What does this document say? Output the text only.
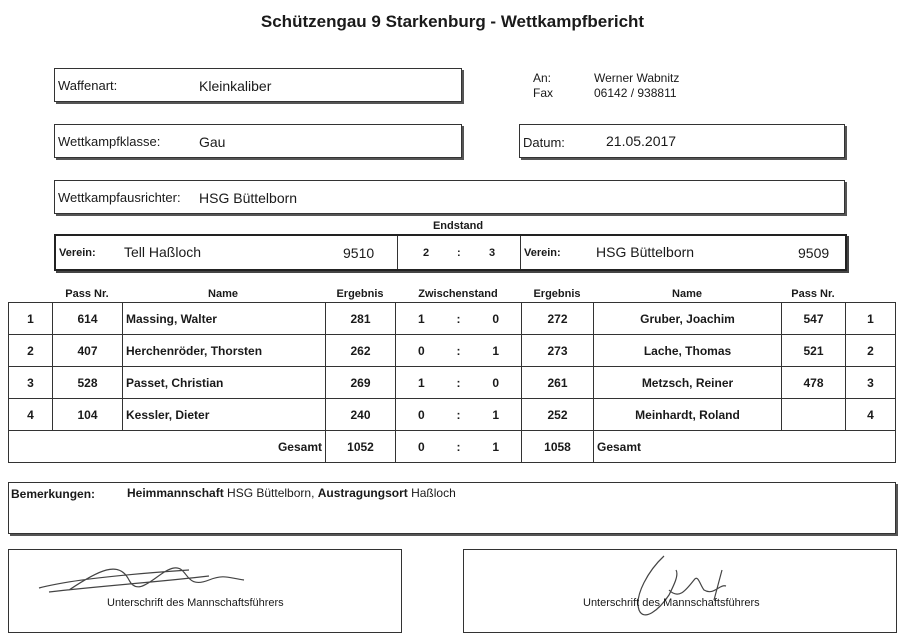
Schützengau 9 Starkenburg - Wettkampfbericht
Waffenart:	Kleinkaliber	An:	Werner Wabnitz
Fax	06142 / 938811
Wettkampfklasse:	Gau	Datum:	21.05.2017
Wettkampfausrichter: HSG Büttelborn
Endstand
Verein: Tell Haßloch	9510	2	:	3	Verein:	HSG Büttelborn	9509
Pass Nr.	Name	Ergebnis	Zwischenstand	Ergebnis	Name	Pass Nr.
1	614	Massing, Walter	281	1 : 0	272	Gruber, Joachim	547	1
2	407	Herchenröder, Thorsten	262	0 : 1	273	Lache, Thomas	521	2
3	528	Passet, Christian	269	1 : 0	261	Metzsch, Reiner	478	3
4	104	Kessler, Dieter	240	0 : 1	252	Meinhardt, Roland		4
Gesamt			1052	0 : 1	1058	Gesamt		
Bemerkungen:	Heimmannschaft HSG Büttelborn, Austragungsort Haßloch
Unterschrift des Mannschaftsführers	Unterschrift des Mannschaftsführers
